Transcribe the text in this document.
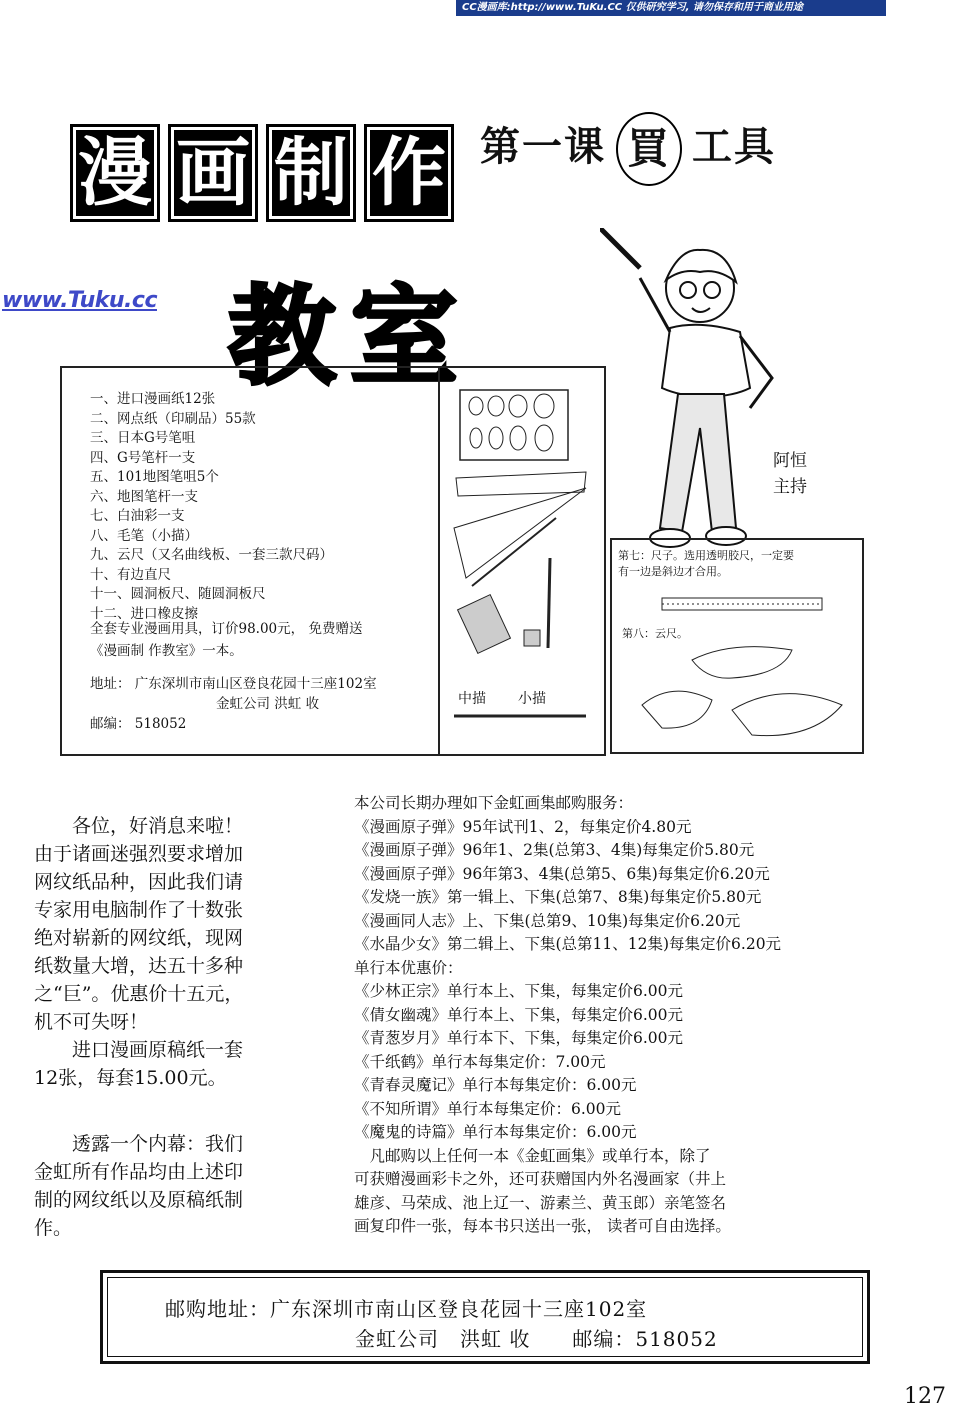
CC漫画库:http://www.TuKu.CC 仅供研究学习, 请勿保存和用于商业用途
www.Tuku.cc
漫 画 制 作 第一课 買 工具
教室
阿恒
主持
一、进口漫画纸12张
二、网点纸（印刷品）55款
三、日本G号笔咀
四、G号笔杆一支
五、101地图笔咀5个
六、地图笔杆一支
七、白油彩一支
八、毛笔（小描）
九、云尺（又名曲线板、一套三款尺码）
十、有边直尺
十一、圆洞板尺、随圆洞板尺
十二、进口橡皮擦
全套专业漫画用具，订价98.00元， 免费赠送
《漫画制 作教室》一本。
地址： 广东深圳市南山区登良花园十三座102室
金虹公司 洪虹 收
邮编： 518052
中描 小描
第七：尺子。选用透明胶尺，一定要
有一边是斜边才合用。
第八：云尺。

各位，好消息来啦！
由于诸画迷强烈要求增加
网纹纸品种，因此我们请
专家用电脑制作了十数张
绝对崭新的网纹纸，现网
纸数量大增，达五十多种
之“巨”。优惠价十五元，
机不可失呀！

进口漫画原稿纸一套
12张，每套15.00元。

透露一个内幕：我们
金虹所有作品均由上述印
制的网纹纸以及原稿纸制
作。

本公司长期办理如下金虹画集邮购服务：
《漫画原子弹》95年试刊1、2，每集定价4.80元
《漫画原子弹》96年1、2集(总第3、4集)每集定价5.80元
《漫画原子弹》96年第3、4集(总第5、6集)每集定价6.20元
《发烧一族》第一辑上、下集(总第7、8集)每集定价5.80元
《漫画同人志》上、下集(总第9、10集)每集定价6.20元
《水晶少女》第二辑上、下集(总第11、12集)每集定价6.20元
单行本优惠价：
《少林正宗》单行本上、下集，每集定价6.00元
《倩女幽魂》单行本上、下集，每集定价6.00元
《青葱岁月》单行本下、下集，每集定价6.00元
《千纸鹤》单行本每集定价：7.00元
《青春灵魔记》单行本每集定价：6.00元
《不知所谓》单行本每集定价：6.00元
《魔鬼的诗篇》单行本每集定价：6.00元
　凡邮购以上任何一本《金虹画集》或单行本，除了
可获赠漫画彩卡之外，还可获赠国内外名漫画家（井上
雄彦、马荣成、池上辽一、游素兰、黄玉郎）亲笔签名
画复印件一张，每本书只送出一张， 读者可自由选择。
邮购地址：广东深圳市南山区登良花园十三座102室
金虹公司　洪虹 收　　邮编：518052
127
